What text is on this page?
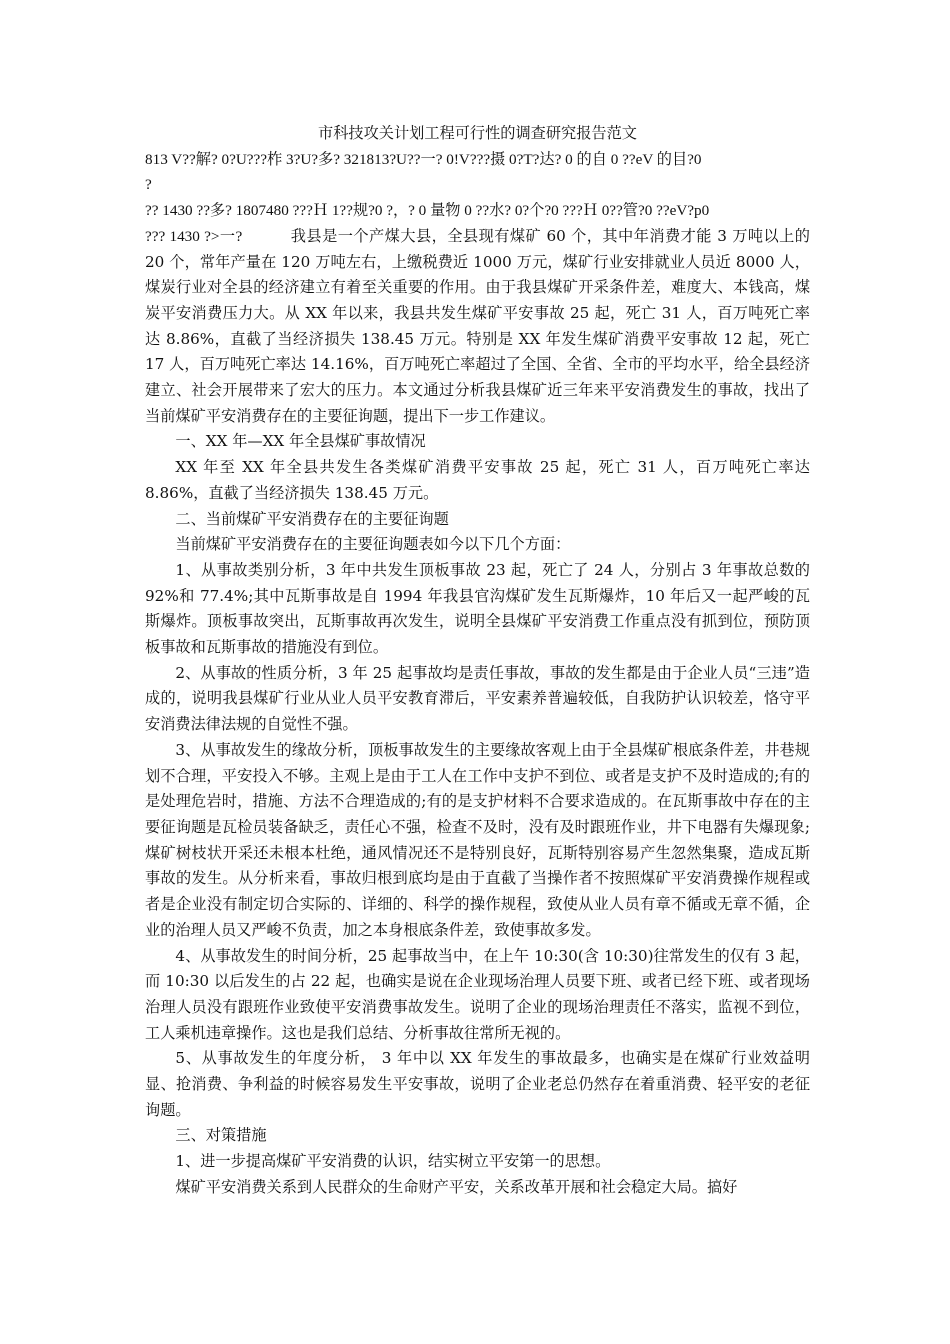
市科技攻关计划工程可行性的调查研究报告范文

813 V??解? 0?U???柞 3?U?多? 321813?U??一? 0!V???摄 0?T?达? 0 的自 0 ??eV 的目?0

?

?? 1430 ??多? 1807480 ???Ｈ 1??规?0 ?，? 0 量物 0 ??水? 0?个?0 ???Ｈ 0??管?0 ??eV?p0

??? 1430 ?>一?	我县是一个产煤大县，全县现有煤矿 60 个，其中年消费才能 3 万吨以上的 20 个，常年产量在 120 万吨左右，上缴税费近 1000 万元，煤矿行业安排就业人员近 8000 人，煤炭行业对全县的经济建立有着至关重要的作用。由于我县煤矿开采条件差，难度大、本钱高，煤炭平安消费压力大。从 XX 年以来，我县共发生煤矿平安事故 25 起，死亡 31 人，百万吨死亡率达 8.86%，直截了当经济损失 138.45 万元。特别是 XX 年发生煤矿消费平安事故 12 起，死亡 17 人，百万吨死亡率达 14.16%，百万吨死亡率超过了全国、全省、全市的平均水平，给全县经济建立、社会开展带来了宏大的压力。本文通过分析我县煤矿近三年来平安消费发生的事故，找出了当前煤矿平安消费存在的主要征询题，提出下一步工作建议。

一、XX 年—XX 年全县煤矿事故情况

XX 年至 XX 年全县共发生各类煤矿消费平安事故 25 起，死亡 31 人，百万吨死亡率达 8.86%，直截了当经济损失 138.45 万元。

二、当前煤矿平安消费存在的主要征询题

当前煤矿平安消费存在的主要征询题表如今以下几个方面：

1、从事故类别分析，3 年中共发生顶板事故 23 起，死亡了 24 人，分别占 3 年事故总数的 92%和 77.4%;其中瓦斯事故是自 1994 年我县官沟煤矿发生瓦斯爆炸，10 年后又一起严峻的瓦斯爆炸。顶板事故突出，瓦斯事故再次发生，说明全县煤矿平安消费工作重点没有抓到位，预防顶板事故和瓦斯事故的措施没有到位。

2、从事故的性质分析，3 年 25 起事故均是责任事故，事故的发生都是由于企业人员“三违”造成的，说明我县煤矿行业从业人员平安教育滞后，平安素养普遍较低，自我防护认识较差，恪守平安消费法律法规的自觉性不强。

3、从事故发生的缘故分析，顶板事故发生的主要缘故客观上由于全县煤矿根底条件差，井巷规划不合理，平安投入不够。主观上是由于工人在工作中支护不到位、或者是支护不及时造成的;有的是处理危岩时，措施、方法不合理造成的;有的是支护材料不合要求造成的。在瓦斯事故中存在的主要征询题是瓦检员装备缺乏，责任心不强，检查不及时，没有及时跟班作业，井下电器有失爆现象;煤矿树枝状开采还未根本杜绝，通风情况还不是特别良好，瓦斯特别容易产生忽然集聚，造成瓦斯事故的发生。从分析来看，事故归根到底均是由于直截了当操作者不按照煤矿平安消费操作规程或者是企业没有制定切合实际的、详细的、科学的操作规程，致使从业人员有章不循或无章不循，企业的治理人员又严峻不负责，加之本身根底条件差，致使事故多发。

4、从事故发生的时间分析，25 起事故当中，在上午 10:30(含 10:30)往常发生的仅有 3 起，而 10:30 以后发生的占 22 起，也确实是说在企业现场治理人员要下班、或者已经下班、或者现场治理人员没有跟班作业致使平安消费事故发生。说明了企业的现场治理责任不落实，监视不到位，工人乘机违章操作。这也是我们总结、分析事故往常所无视的。

5、从事故发生的年度分析， 3 年中以 XX 年发生的事故最多，也确实是在煤矿行业效益明显、抢消费、争利益的时候容易发生平安事故，说明了企业老总仍然存在着重消费、轻平安的老征询题。

三、对策措施

1、进一步提高煤矿平安消费的认识，结实树立平安第一的思想。

煤矿平安消费关系到人民群众的生命财产平安，关系改革开展和社会稳定大局。搞好
